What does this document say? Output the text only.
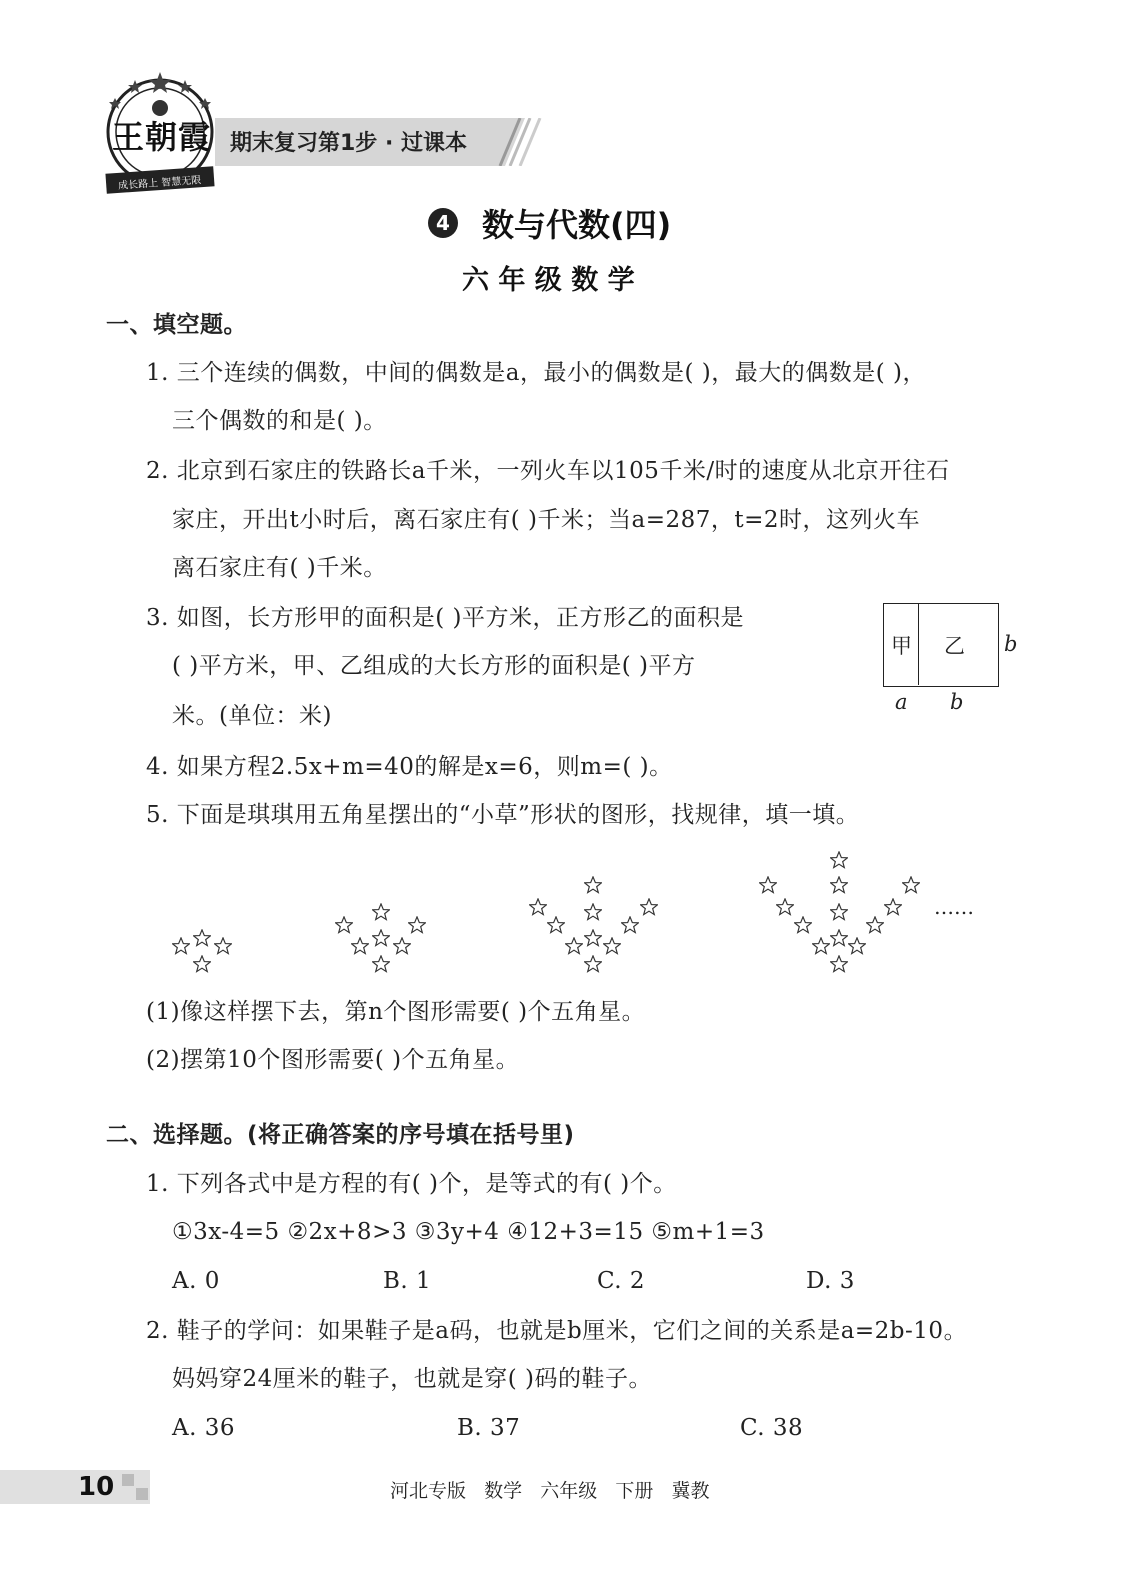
王朝霞
成长路上 智慧无限
期末复习第1步 · 过课本
4 数与代数(四)
六 年 级 数 学
一、填空题。
1. 三个连续的偶数，中间的偶数是a，最小的偶数是( )，最大的偶数是( )，
三个偶数的和是( )。
2. 北京到石家庄的铁路长a千米，一列火车以105千米/时的速度从北京开往石
家庄，开出t小时后，离石家庄有( )千米；当a=287，t=2时，这列火车
离石家庄有( )千米。
3. 如图，长方形甲的面积是( )平方米，正方形乙的面积是
( )平方米，甲、乙组成的大长方形的面积是( )平方
米。(单位：米)
甲 乙 b
a b
4. 如果方程2.5x+m=40的解是x=6，则m=( )。
5. 下面是琪琪用五角星摆出的“小草”形状的图形，找规律，填一填。
……
(1)像这样摆下去，第n个图形需要( )个五角星。
(2)摆第10个图形需要( )个五角星。
二、选择题。(将正确答案的序号填在括号里)
1. 下列各式中是方程的有( )个，是等式的有( )个。
①3x-4=5 ②2x+8>3 ③3y+4 ④12+3=15 ⑤m+1=3
A. 0	B. 1	C. 2	D. 3
2. 鞋子的学问：如果鞋子是a码，也就是b厘米，它们之间的关系是a=2b-10。
妈妈穿24厘米的鞋子，也就是穿( )码的鞋子。
A. 36	B. 37	C. 38
10	河北专版   数学   六年级   下册   冀教
